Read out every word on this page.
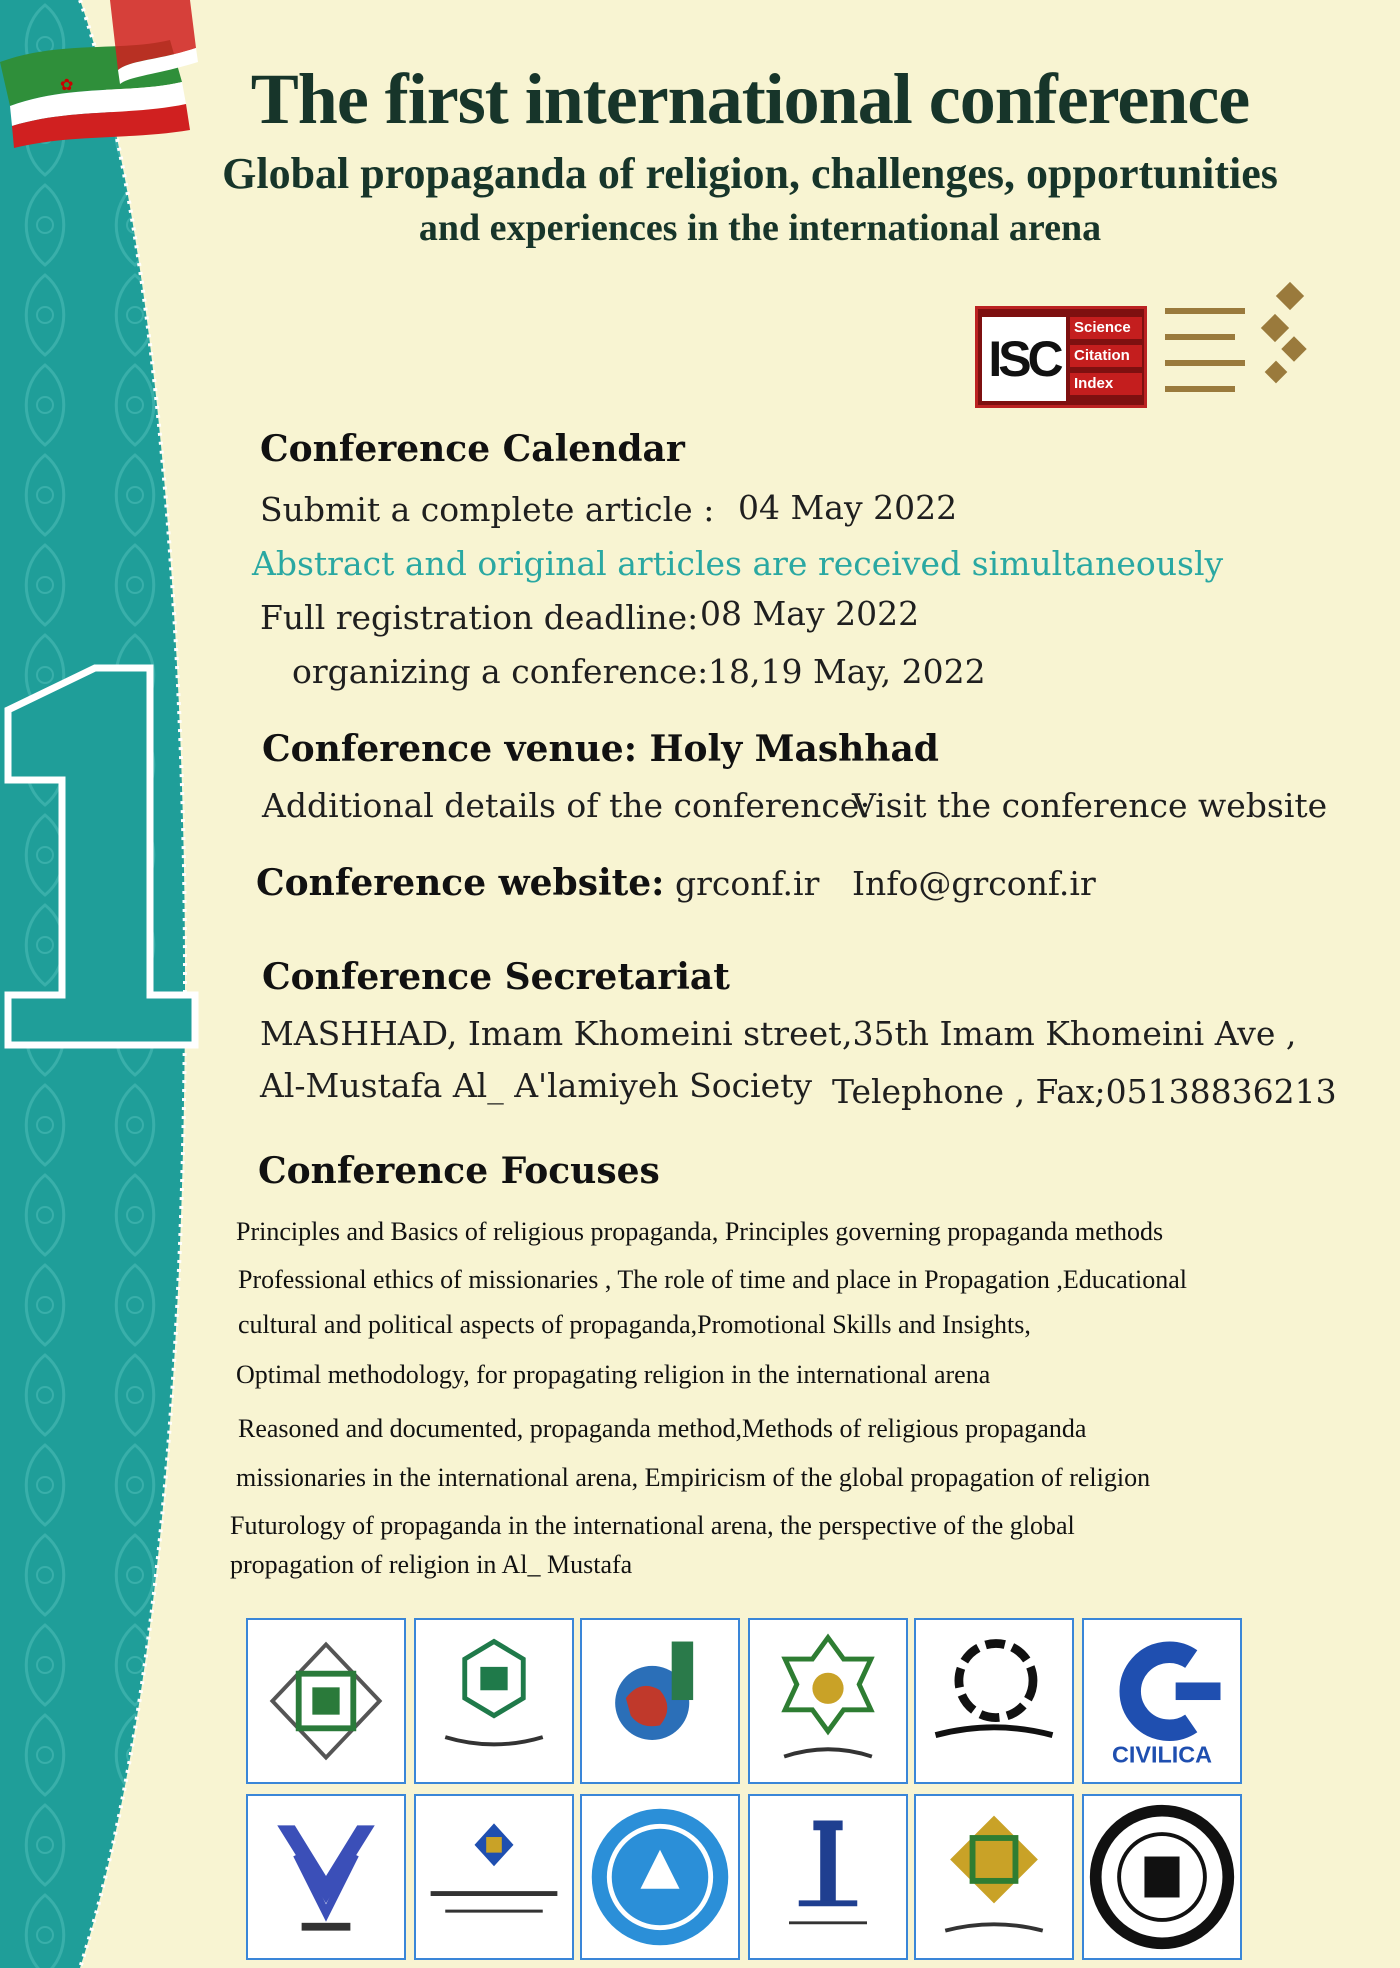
✿ The first international conference
Global propaganda of religion, challenges, opportunities
and experiences in the international arena
ISC
Science
Citation
Index
Conference Calendar
Submit a complete article : 04 May 2022
Abstract and original articles are received simultaneously
Full registration deadline: 08 May 2022
organizing a conference: 18,19 May, 2022
Conference venue: Holy Mashhad
Additional details of the conference:
Visit the conference website
Conference website: grconf.ir Info@grconf.ir
Conference Secretariat
MASHHAD, Imam Khomeini street ,35th Imam Khomeini Ave ,
Al-Mustafa Al_ A'lamiyeh Society Telephone , Fax;05138836213
Conference Focuses
Principles and Basics of religious propaganda, Principles governing propaganda methods
Professional ethics of missionaries , The role of time and place in Propagation ,Educational
cultural and political aspects of propaganda,Promotional Skills and Insights,
Optimal methodology, for propagating religion in the international arena
Reasoned and documented, propaganda method,Methods of religious propaganda
missionaries in the international arena, Empiricism of the global propagation of religion
Futurology of propaganda in the international arena, the perspective of the global
propagation of religion in Al_ Mustafa
CIVILICA
